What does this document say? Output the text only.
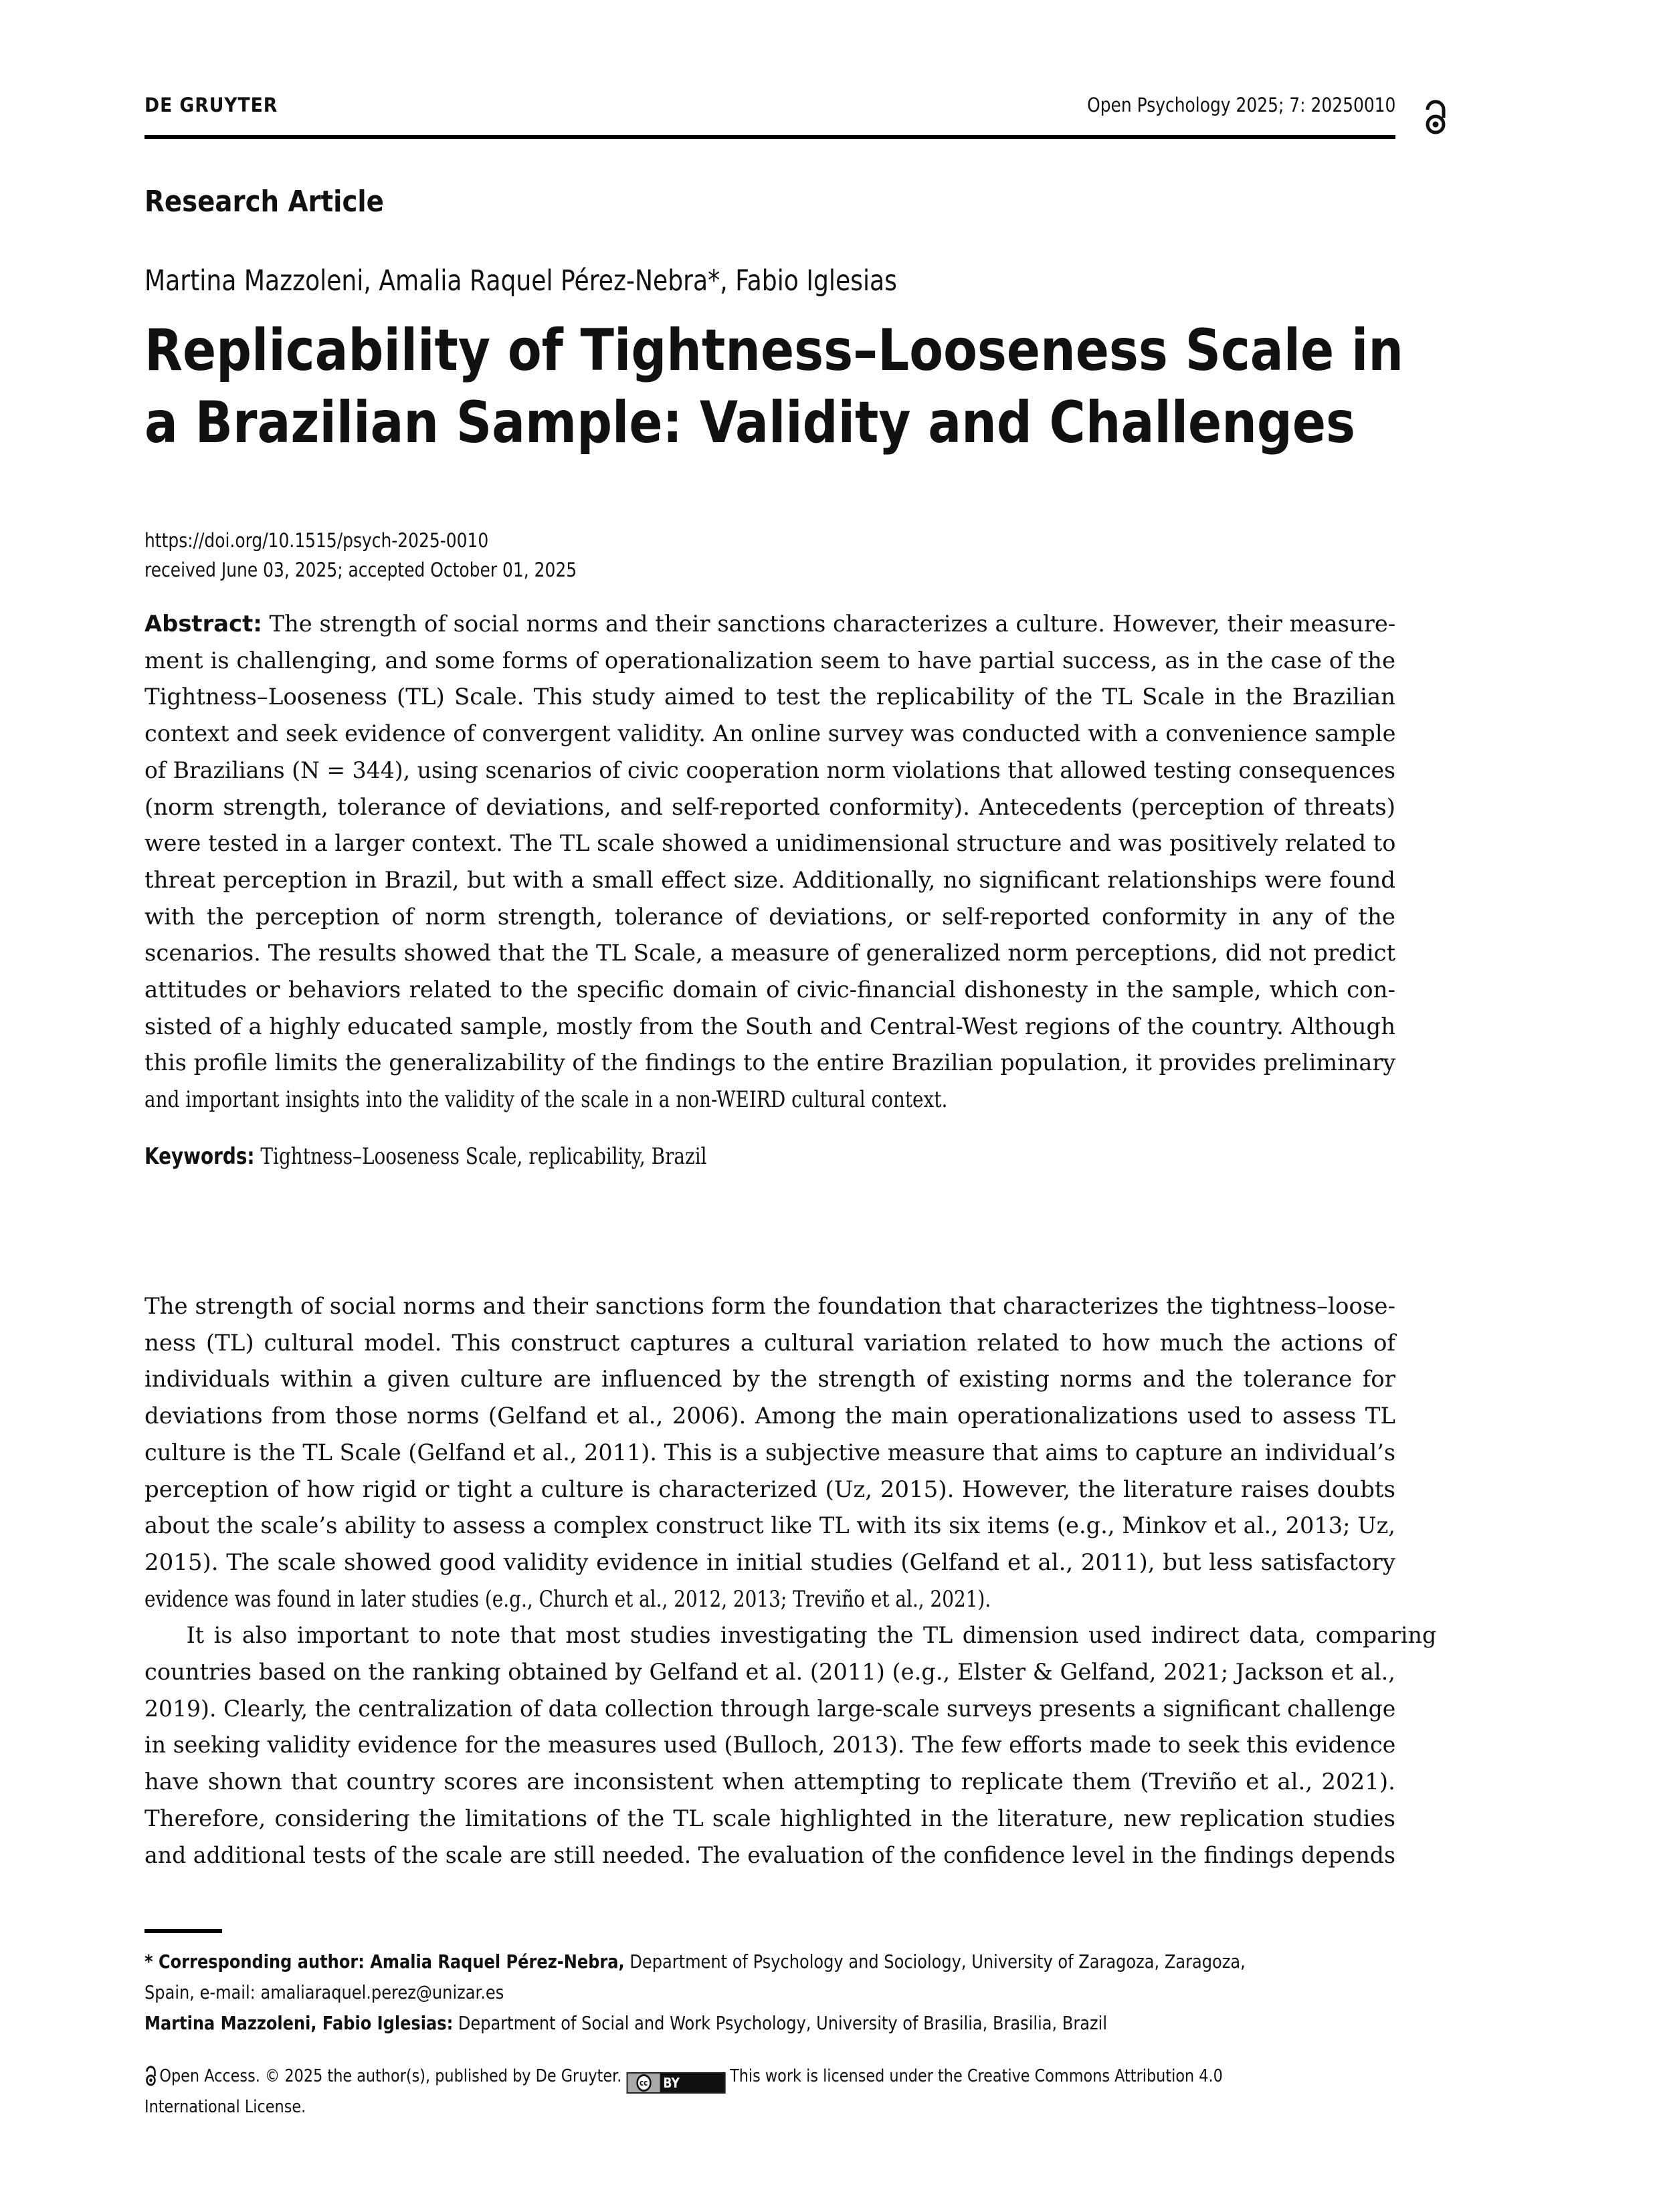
DE GRUYTER	Open Psychology 2025; 7: 20250010
Research Article
Martina Mazzoleni, Amalia Raquel Pérez-Nebra*, Fabio Iglesias
Replicability of Tightness–Looseness Scale in
a Brazilian Sample: Validity and Challenges
https://doi.org/10.1515/psych-2025-0010
received June 03, 2025; accepted October 01, 2025
Abstract: The strength of social norms and their sanctions characterizes a culture. However, their measure-
ment is challenging, and some forms of operationalization seem to have partial success, as in the case of the
Tightness–Looseness (TL) Scale. This study aimed to test the replicability of the TL Scale in the Brazilian
context and seek evidence of convergent validity. An online survey was conducted with a convenience sample
of Brazilians (N = 344), using scenarios of civic cooperation norm violations that allowed testing consequences
(norm strength, tolerance of deviations, and self-reported conformity). Antecedents (perception of threats)
were tested in a larger context. The TL scale showed a unidimensional structure and was positively related to
threat perception in Brazil, but with a small effect size. Additionally, no significant relationships were found
with the perception of norm strength, tolerance of deviations, or self-reported conformity in any of the
scenarios. The results showed that the TL Scale, a measure of generalized norm perceptions, did not predict
attitudes or behaviors related to the specific domain of civic-financial dishonesty in the sample, which con-
sisted of a highly educated sample, mostly from the South and Central-West regions of the country. Although
this profile limits the generalizability of the findings to the entire Brazilian population, it provides preliminary
and important insights into the validity of the scale in a non-WEIRD cultural context.
Keywords: Tightness–Looseness Scale, replicability, Brazil
The strength of social norms and their sanctions form the foundation that characterizes the tightness–loose-
ness (TL) cultural model. This construct captures a cultural variation related to how much the actions of
individuals within a given culture are influenced by the strength of existing norms and the tolerance for
deviations from those norms (Gelfand et al., 2006). Among the main operationalizations used to assess TL
culture is the TL Scale (Gelfand et al., 2011). This is a subjective measure that aims to capture an individual’s
perception of how rigid or tight a culture is characterized (Uz, 2015). However, the literature raises doubts
about the scale’s ability to assess a complex construct like TL with its six items (e.g., Minkov et al., 2013; Uz,
2015). The scale showed good validity evidence in initial studies (Gelfand et al., 2011), but less satisfactory
evidence was found in later studies (e.g., Church et al., 2012, 2013; Treviño et al., 2021).
It is also important to note that most studies investigating the TL dimension used indirect data, comparing
countries based on the ranking obtained by Gelfand et al. (2011) (e.g., Elster & Gelfand, 2021; Jackson et al.,
2019). Clearly, the centralization of data collection through large-scale surveys presents a significant challenge
in seeking validity evidence for the measures used (Bulloch, 2013). The few efforts made to seek this evidence
have shown that country scores are inconsistent when attempting to replicate them (Treviño et al., 2021).
Therefore, considering the limitations of the TL scale highlighted in the literature, new replication studies
and additional tests of the scale are still needed. The evaluation of the confidence level in the findings depends
* Corresponding author: Amalia Raquel Pérez-Nebra, Department of Psychology and Sociology, University of Zaragoza, Zaragoza,
Spain, e-mail: amaliaraquel.perez@unizar.es
Martina Mazzoleni, Fabio Iglesias: Department of Social and Work Psychology, University of Brasilia, Brasilia, Brazil
Open Access. © 2025 the author(s), published by De Gruyter.	cc BY	This work is licensed under the Creative Commons Attribution 4.0
International License.
